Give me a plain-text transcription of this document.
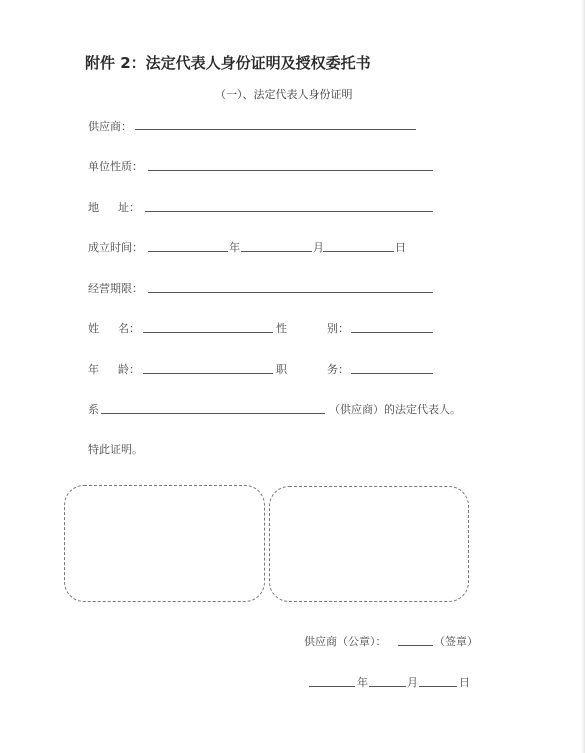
附件 2：法定代表人身份证明及授权委托书
（一）、法定代表人身份证明
供应商：
单位性质：
地 址：
成立时间：	年	月	日
经营期限：
姓 名：	性	别：
年 龄：	职	务：
系	（供应商）的法定代表人。
特此证明。
供应商（公章）：	（签章）
年	月	日
